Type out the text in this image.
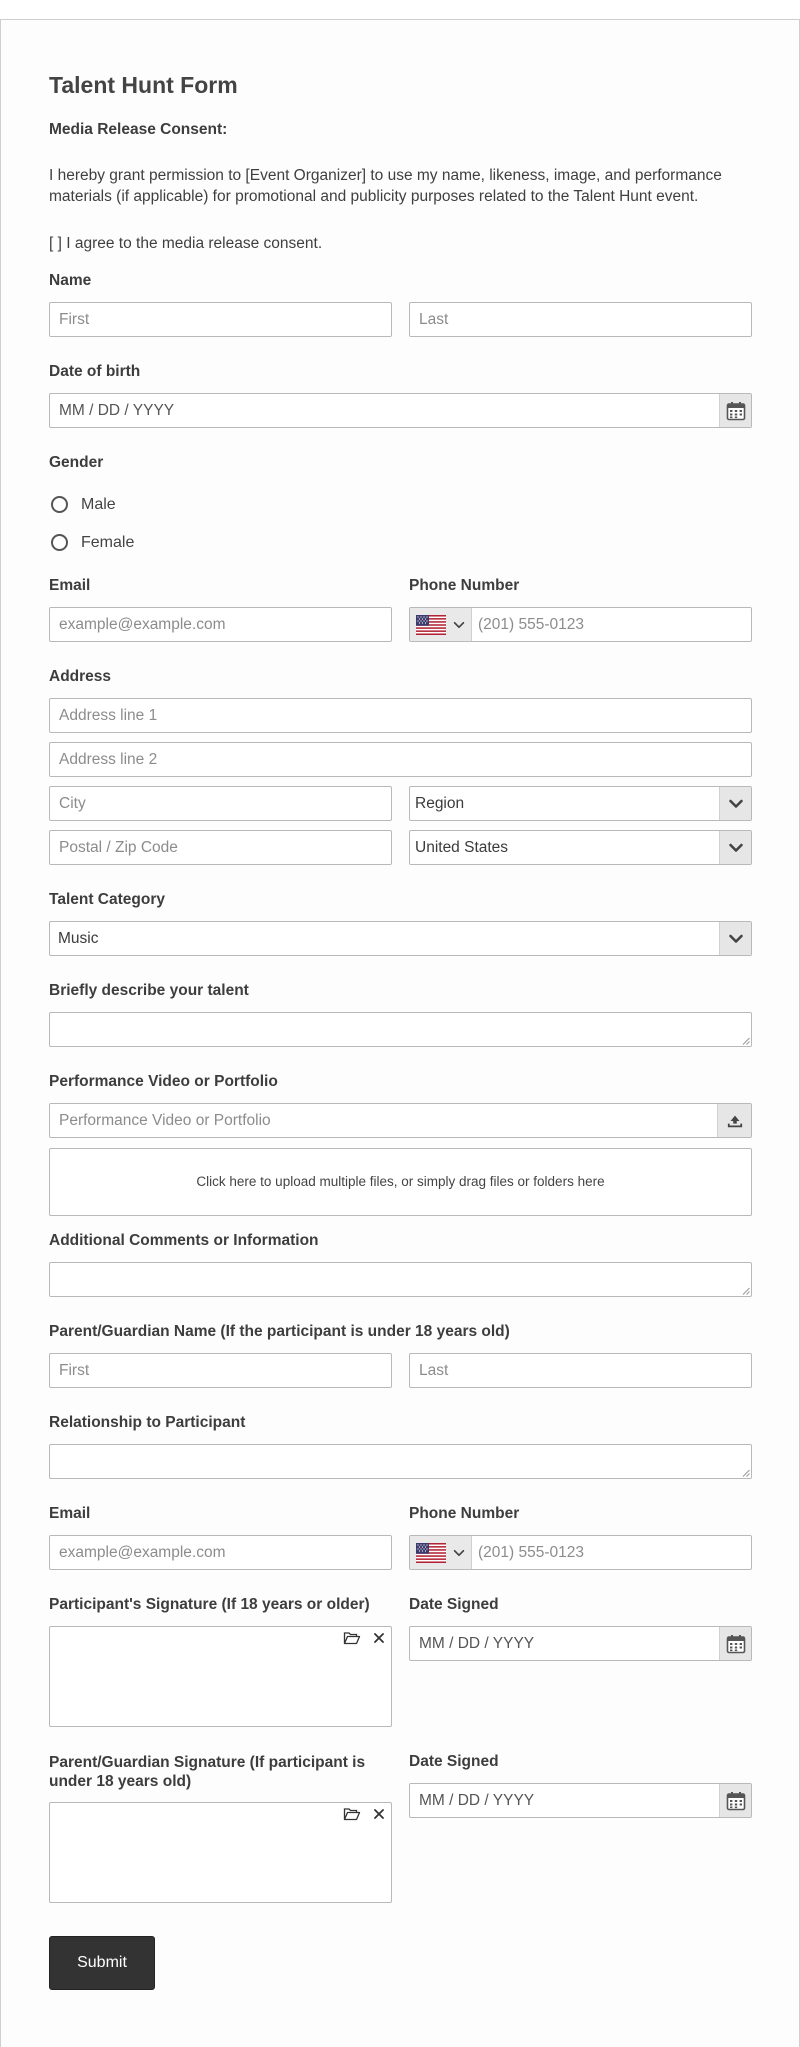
Talent Hunt Form
Media Release Consent:
I hereby grant permission to [Event Organizer] to use my name, likeness, image, and performance materials (if applicable) for promotional and publicity purposes related to the Talent Hunt event.
[ ] I agree to the media release consent.
Name
First	Last
Date of birth
MM / DD / YYYY
Gender
Male
Female
Email
example@example.com
Phone Number
(201) 555-0123
Address
Address line 1
Address line 2
City	Region
Postal / Zip Code	United States
Talent Category
Music
Briefly describe your talent
Performance Video or Portfolio
Performance Video or Portfolio
Click here to upload multiple files, or simply drag files or folders here
Additional Comments or Information
Parent/Guardian Name (If the participant is under 18 years old)
First	Last
Relationship to Participant
Email
example@example.com
Phone Number
(201) 555-0123
Participant's Signature (If 18 years or older)	Date Signed
MM / DD / YYYY
Parent/Guardian Signature (If participant is under 18 years old)
Date Signed
MM / DD / YYYY
Submit
